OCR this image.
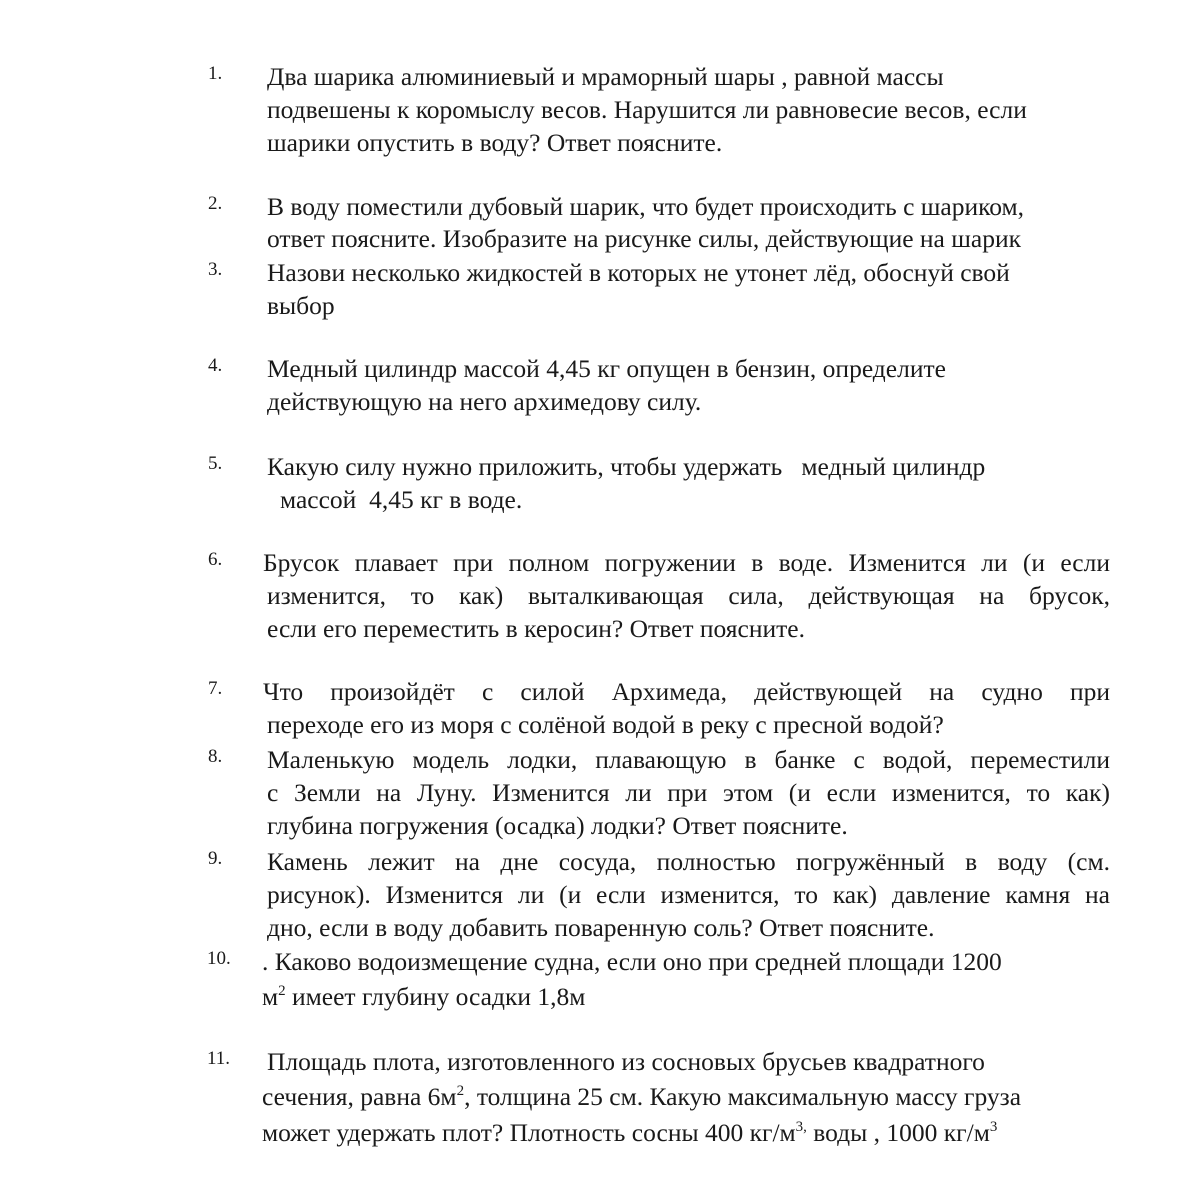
1. Два шарика алюминиевый и мраморный шары , равной массы
подвешены к коромыслу весов. Нарушится ли равновесие весов, если
шарики опустить в воду? Ответ поясните.
2. В воду поместили дубовый шарик, что будет происходить с шариком,
ответ поясните. Изобразите на рисунке силы, действующие на шарик
3. Назови несколько жидкостей в которых не утонет лёд, обоснуй свой
выбор
4. Медный цилиндр массой 4,45 кг опущен в бензин, определите
действующую на него архимедову силу.
5. Какую силу нужно приложить, чтобы удержать   медный цилиндр
массой  4,45 кг в воде.
6. Брусок плавает при полном погружении в воде. Изменится ли (и если
изменится, то как) выталкивающая сила, действующая на брусок,
если его переместить в керосин? Ответ поясните.
7. Что произойдёт с силой Архимеда, действующей на судно при
переходе его из моря с солёной водой в реку с пресной водой?
8. Маленькую модель лодки, плавающую в банке с водой, переместили
с Земли на Луну. Изменится ли при этом (и если изменится, то как)
глубина погружения (осадка) лодки? Ответ поясните.
9. Камень лежит на дне сосуда, полностью погружённый в воду (см.
рисунок). Изменится ли (и если изменится, то как) давление камня на
дно, если в воду добавить поваренную соль? Ответ поясните.
10. . Каково водоизмещение судна, если оно при средней площади 1200
$м^2$ имеет глубину осадки 1,8м
11. Площадь плота, изготовленного из сосновых брусьев квадратного
сечения, равна $6м^2$, толщина 25 см. Какую максимальную массу груза
может удержать плот? Плотность сосны 400 $кг/м^{3,}$ воды , 1000 $кг/м^3$
